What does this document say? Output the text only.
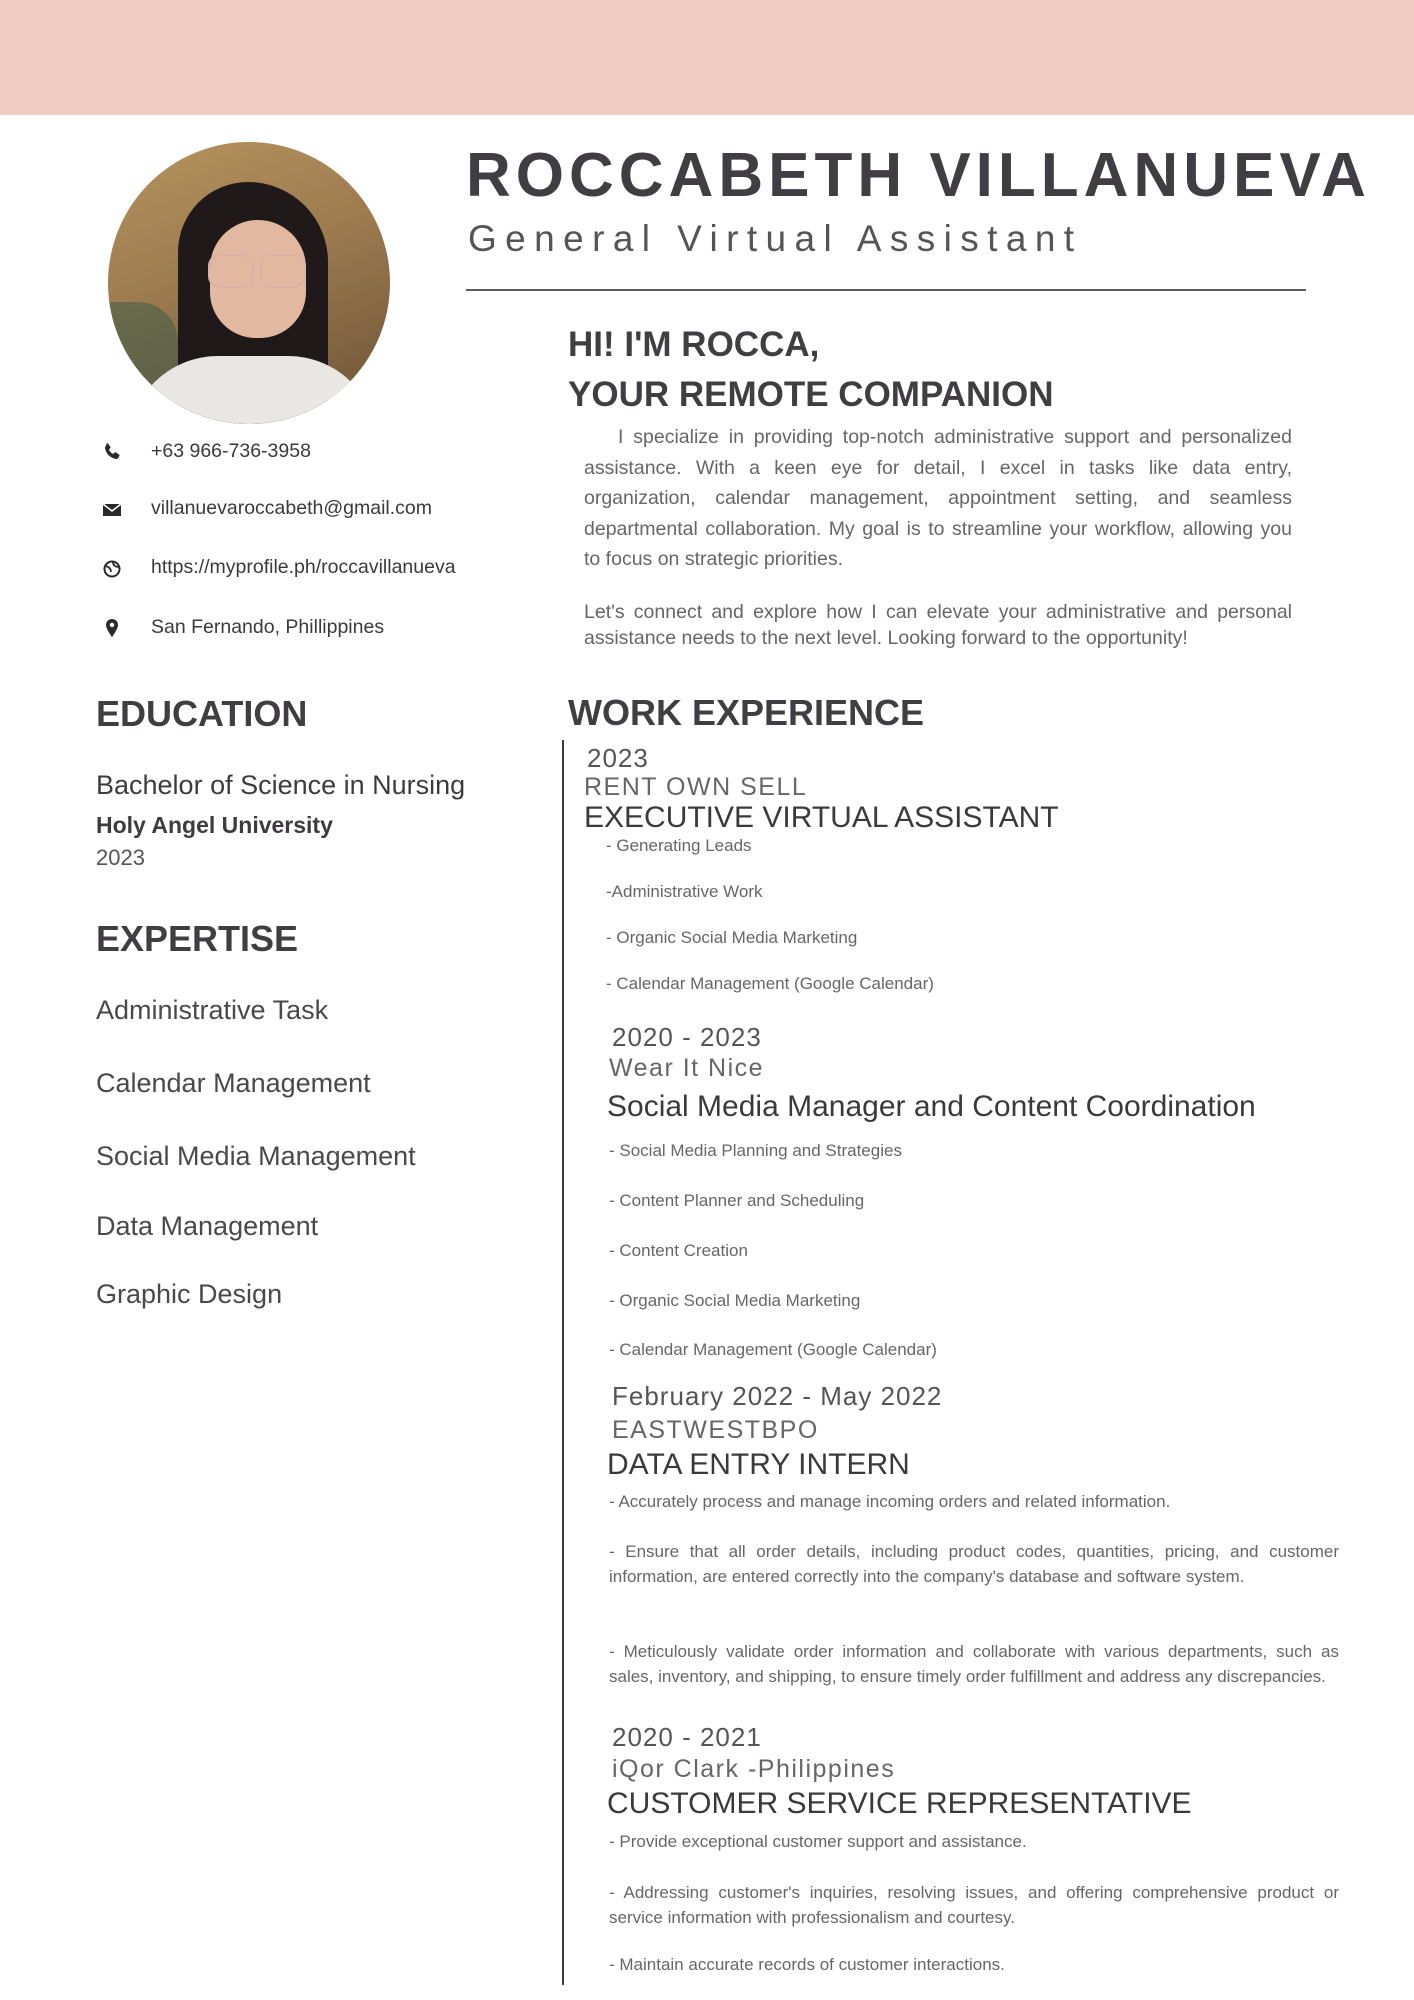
ROCCABETH VILLANUEVA
General Virtual Assistant
+63 966-736-3958
villanuevaroccabeth@gmail.com
https://myprofile.ph/roccavillanueva
San Fernando, Phillippines
EDUCATION
Bachelor of Science in Nursing
Holy Angel University
2023
EXPERTISE
Administrative Task
Calendar Management
Social Media Management
Data Management
Graphic Design
HI! I'M ROCCA,
YOUR REMOTE COMPANION

I specialize in providing top-notch administrative support and personalized assistance. With a keen eye for detail, I excel in tasks like data entry, organization, calendar management, appointment setting, and seamless departmental collaboration. My goal is to streamline your workflow, allowing you to focus on strategic priorities.

Let's connect and explore how I can elevate your administrative and personal assistance needs to the next level. Looking forward to the opportunity!

WORK EXPERIENCE
2023
RENT OWN SELL
EXECUTIVE VIRTUAL ASSISTANT
- Generating Leads
-Administrative Work
- Organic Social Media Marketing
- Calendar Management (Google Calendar)
2020 - 2023
Wear It Nice
Social Media Manager and Content Coordination
- Social Media Planning and Strategies
- Content Planner and Scheduling
- Content Creation
- Organic Social Media Marketing
- Calendar Management (Google Calendar)
February 2022 - May 2022
EASTWESTBPO
DATA ENTRY INTERN
- Accurately process and manage incoming orders and related information.

- Ensure that all order details, including product codes, quantities, pricing, and customer information, are entered correctly into the company's database and software system.

- Meticulously validate order information and collaborate with various departments, such as sales, inventory, and shipping, to ensure timely order fulfillment and address any discrepancies.

2020 - 2021
iQor Clark -Philippines
CUSTOMER SERVICE REPRESENTATIVE
- Provide exceptional customer support and assistance.

- Addressing customer's inquiries, resolving issues, and offering comprehensive product or service information with professionalism and courtesy.

- Maintain accurate records of customer interactions.
